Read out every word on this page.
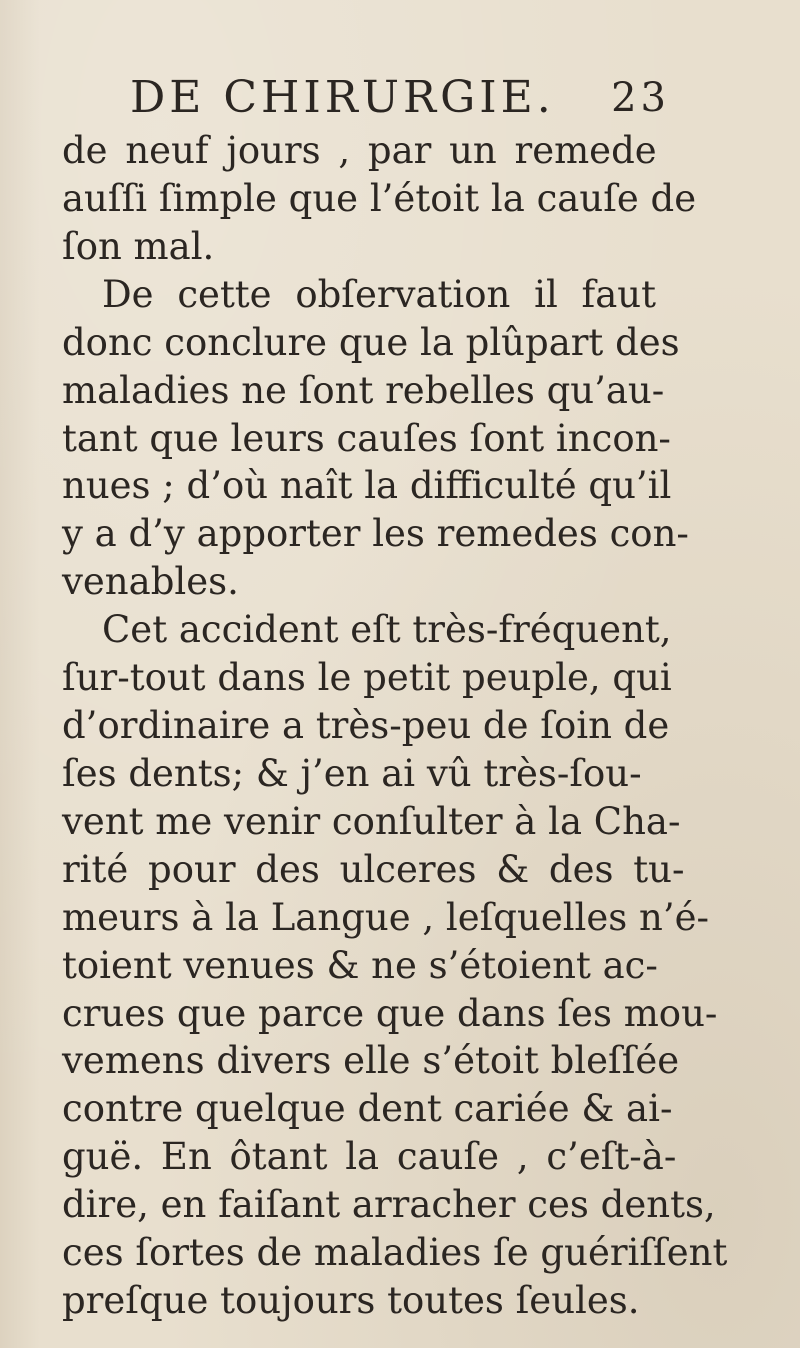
DE CHIRURGIE. 23
de neuf jours , par un remede
auſſi ſimple que l’étoit la cauſe de
ſon mal.
De cette obſervation il faut
donc conclure que la plûpart des
maladies ne ſont rebelles qu’au-
tant que leurs cauſes ſont incon-
nues ; d’où naît la difficulté qu’il
y a d’y apporter les remedes con-
venables.
Cet accident eſt très-fréquent,
ſur-tout dans le petit peuple, qui
d’ordinaire a très-peu de ſoin de
ſes dents; & j’en ai vû très-ſou-
vent me venir conſulter à la Cha-
rité pour des ulceres & des tu-
meurs à la Langue , leſquelles n’é-
toient venues & ne s’étoient ac-
crues que parce que dans ſes mou-
vemens divers elle s’étoit bleſſée
contre quelque dent cariée & ai-
guë. En ôtant la cauſe , c’eſt-à-
dire, en faiſant arracher ces dents,
ces ſortes de maladies ſe guériſſent
preſque toujours toutes ſeules.
